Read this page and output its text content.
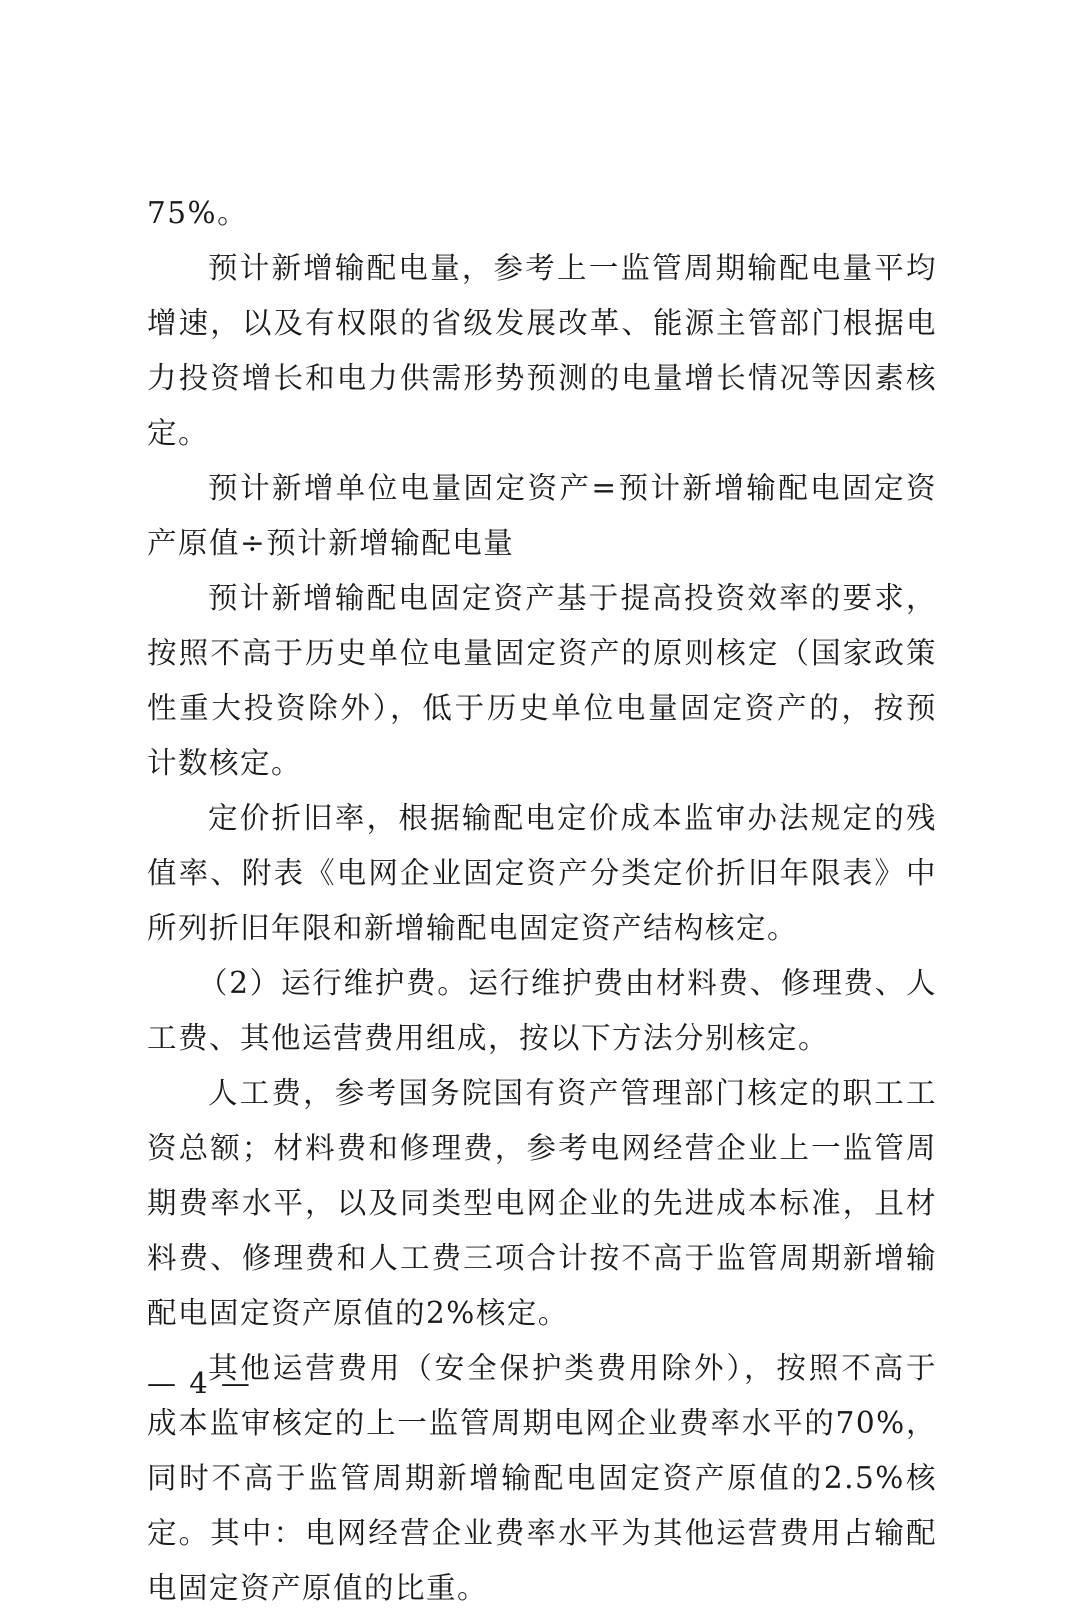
75%。

预计新增输配电量，参考上一监管周期输配电量平均增速，以及有权限的省级发展改革、能源主管部门根据电力投资增长和电力供需形势预测的电量增长情况等因素核定。

预计新增单位电量固定资产=预计新增输配电固定资产原值÷预计新增输配电量

预计新增输配电固定资产基于提高投资效率的要求，按照不高于历史单位电量固定资产的原则核定（国家政策性重大投资除外），低于历史单位电量固定资产的，按预计数核定。

定价折旧率，根据输配电定价成本监审办法规定的残值率、附表《电网企业固定资产分类定价折旧年限表》中所列折旧年限和新增输配电固定资产结构核定。

（2）运行维护费。运行维护费由材料费、修理费、人工费、其他运营费用组成，按以下方法分别核定。

人工费，参考国务院国有资产管理部门核定的职工工资总额；材料费和修理费，参考电网经营企业上一监管周期费率水平，以及同类型电网企业的先进成本标准，且材料费、修理费和人工费三项合计按不高于监管周期新增输配电固定资产原值的2%核定。

其他运营费用（安全保护类费用除外），按照不高于成本监审核定的上一监管周期电网企业费率水平的70%，同时不高于监管周期新增输配电固定资产原值的2.5%核定。其中：电网经营企业费率水平为其他运营费用占输配电固定资产原值的比重。

— 4 —
